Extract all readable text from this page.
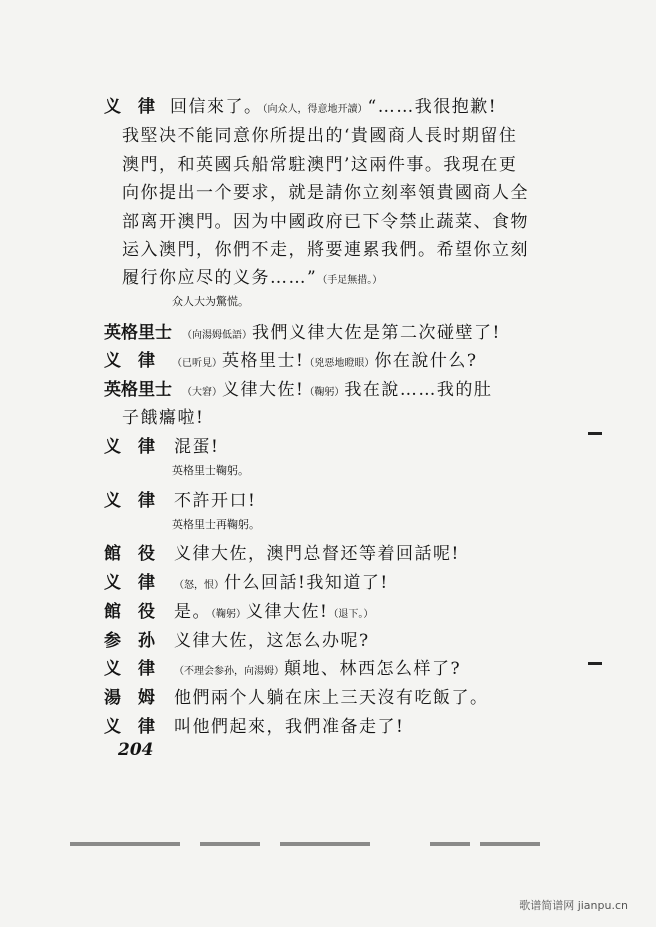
义　律 回信來了。（向众人，得意地开讀）“……我很抱歉!
我堅决不能同意你所提出的‘貴國商人長时期留住
澳門，和英國兵船常駐澳門’这兩件事。我現在更
向你提出一个要求，就是請你立刻率領貴國商人全
部离开澳門。因为中國政府已下令禁止蔬菜、食物
运入澳門，你們不走，將要連累我們。希望你立刻
履行你应尽的义务……”（手足無措。）
众人大为驚慌。
英格里士 （向湯姆低語）我們义律大佐是第二次碰壁了!
义　律 （已听見）英格里士!（兇惡地瞪眼）你在說什么?
英格里士 （大窘）义律大佐!（鞠躬）我在說……我的肚
子餓癟啦!
义　律 混蛋!
英格里士鞠躬。
义　律 不許开口!
英格里士再鞠躬。
館　役 义律大佐，澳門总督还等着回話呢!
义　律 （怒，恨）什么回話!我知道了!
館　役 是。（鞠躬）义律大佐!（退下。）
参　孙 义律大佐，这怎么办呢?
义　律 （不理会参孙，向湯姆）顛地、林西怎么样了?
湯　姆 他們兩个人躺在床上三天沒有吃飯了。
义　律 叫他們起來，我們准备走了!
204
歌谱简谱网 jianpu.cn
